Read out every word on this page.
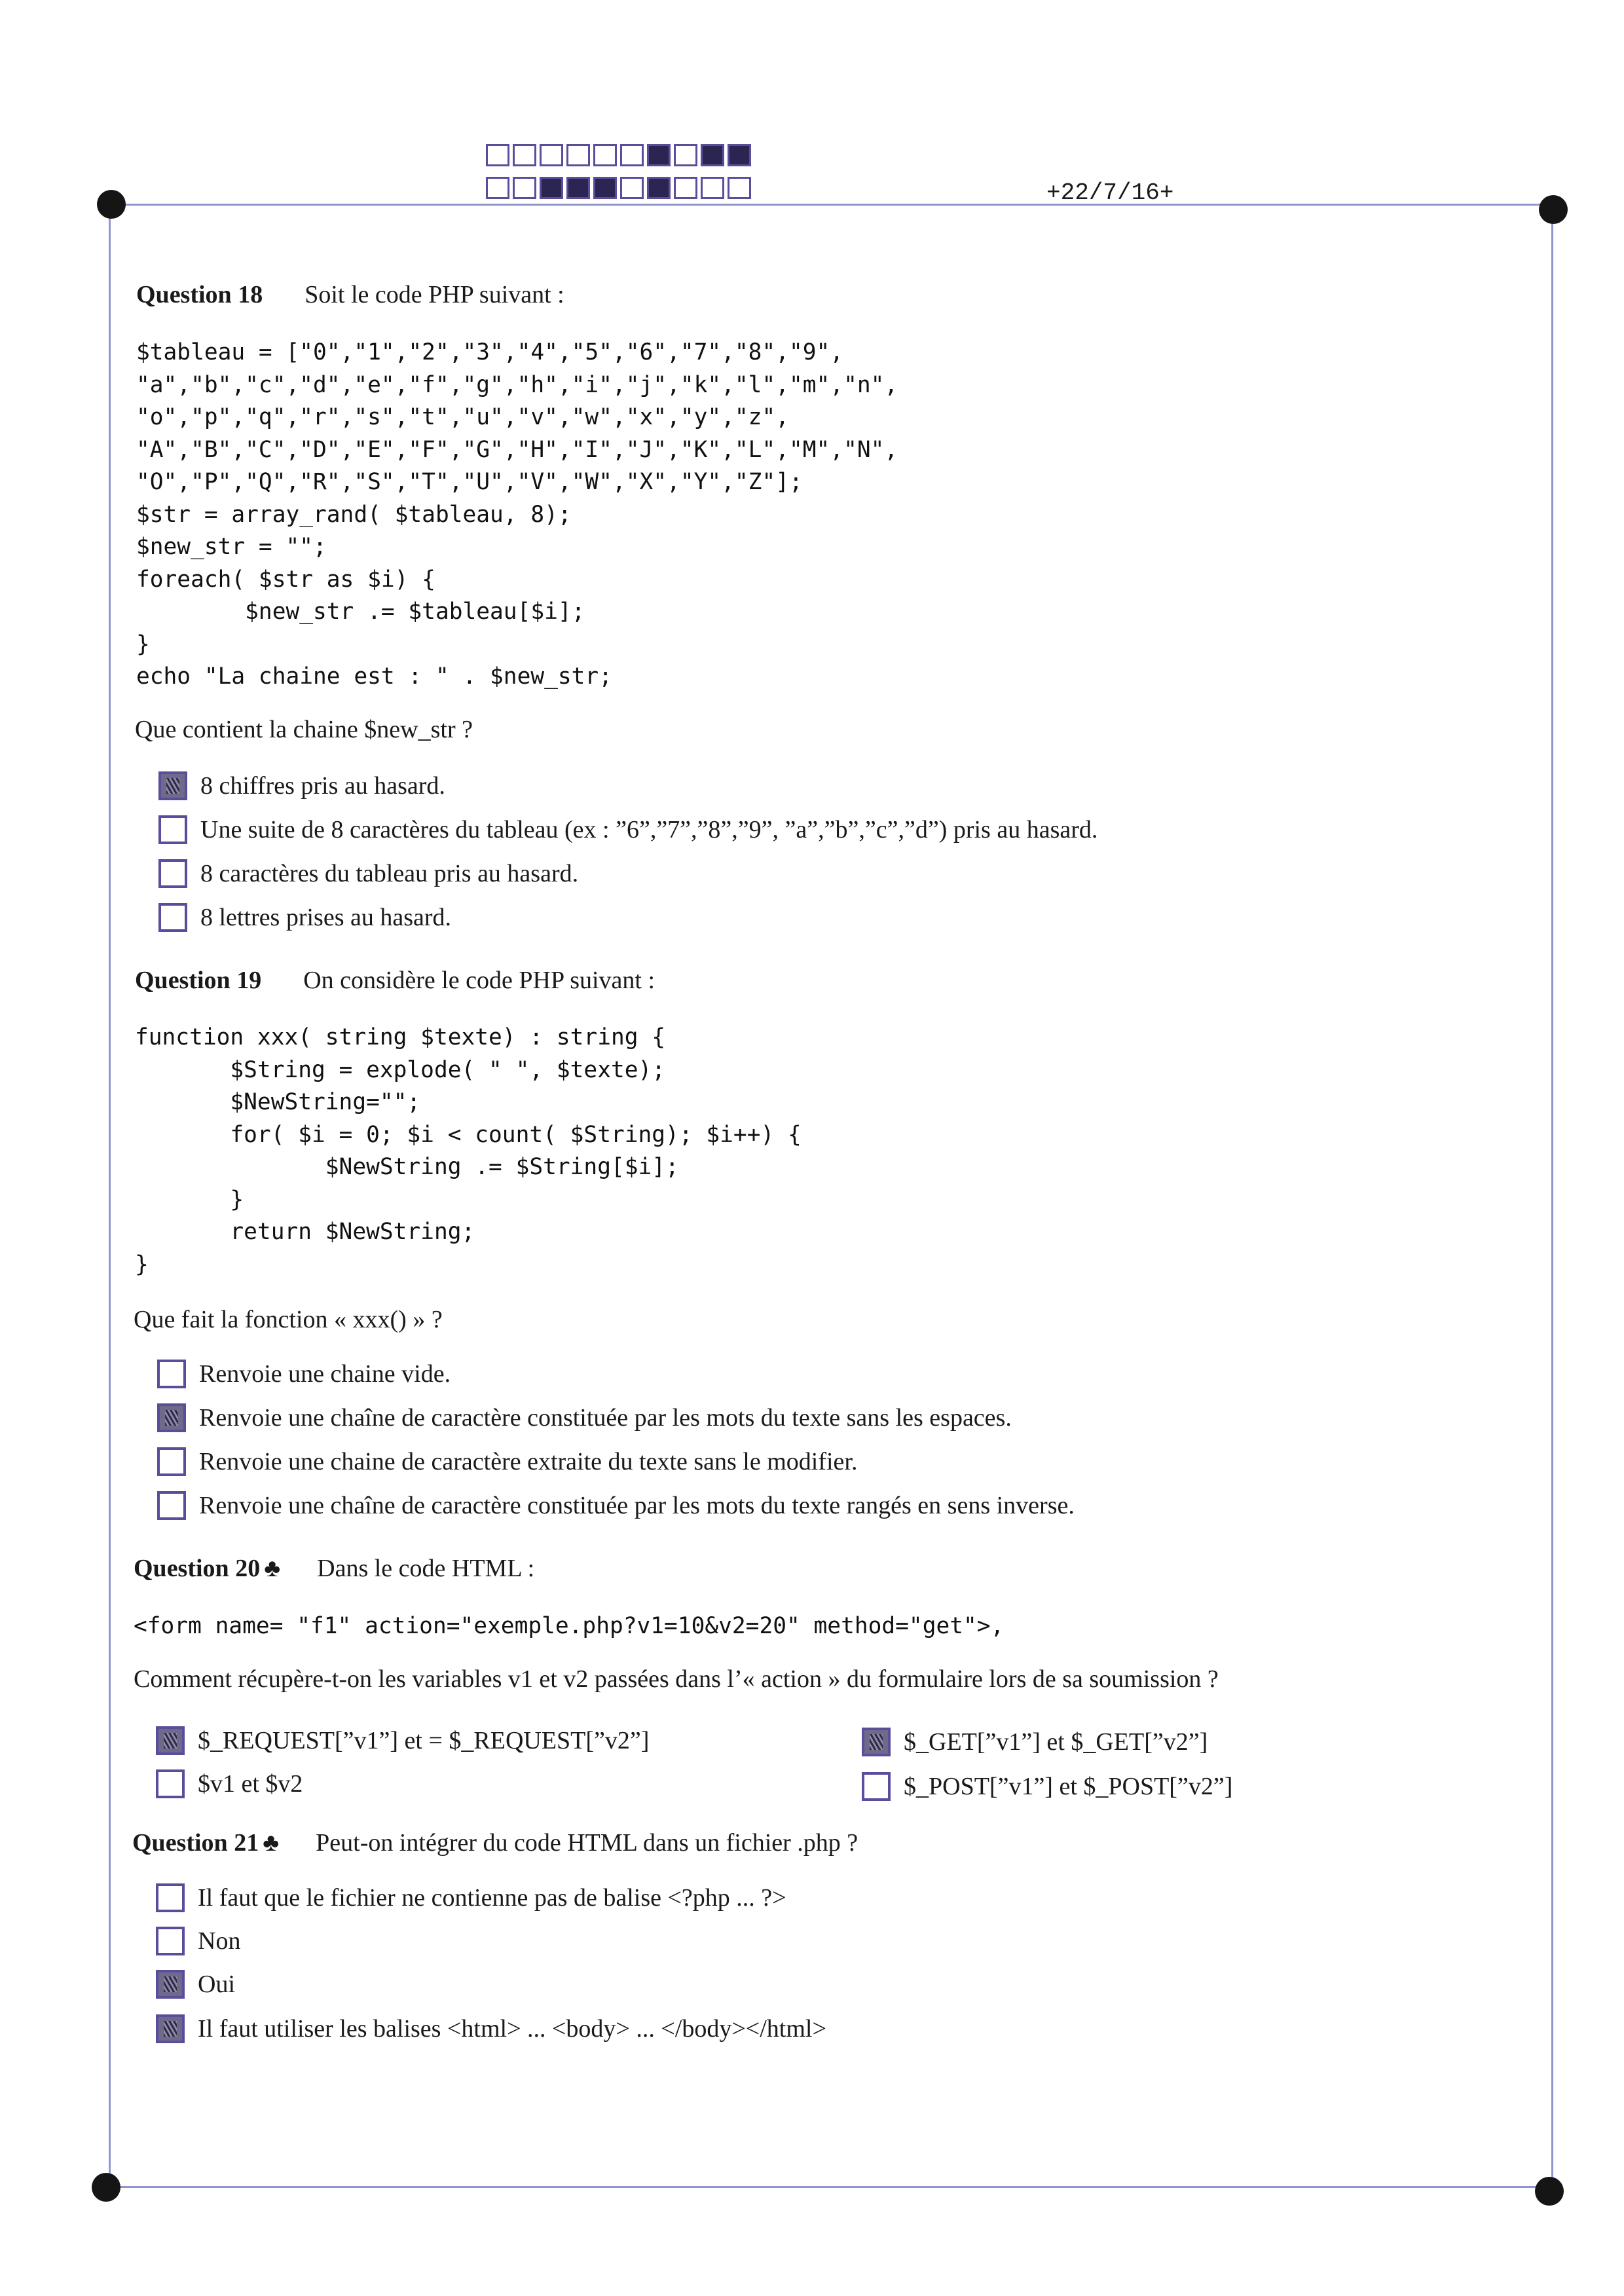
+22/7/16+
Question 18 Soit le code PHP suivant :
$tableau = ["0","1","2","3","4","5","6","7","8","9",
"a","b","c","d","e","f","g","h","i","j","k","l","m","n",
"o","p","q","r","s","t","u","v","w","x","y","z",
"A","B","C","D","E","F","G","H","I","J","K","L","M","N",
"O","P","Q","R","S","T","U","V","W","X","Y","Z"];
$str = array_rand( $tableau, 8);
$new_str = "";
foreach( $str as $i) {
$new_str .= $tableau[$i];
}
echo "La chaine est : " . $new_str;
Que contient la chaine $new_str ?
8 chiffres pris au hasard.
Une suite de 8 caractères du tableau (ex : ”6”,”7”,”8”,”9”, ”a”,”b”,”c”,”d”) pris au hasard.
8 caractères du tableau pris au hasard.
8 lettres prises au hasard.
Question 19 On considère le code PHP suivant :
function xxx( string $texte) : string {
$String = explode( " ", $texte);
$NewString="";
for( $i = 0; $i < count( $String); $i++) {
$NewString .= $String[$i];
}
return $NewString;
}
Que fait la fonction « xxx() » ?
Renvoie une chaine vide.
Renvoie une chaîne de caractère constituée par les mots du texte sans les espaces.
Renvoie une chaine de caractère extraite du texte sans le modifier.
Renvoie une chaîne de caractère constituée par les mots du texte rangés en sens inverse.
Question 20 ♣ Dans le code HTML :
<form name= "f1" action="exemple.php?v1=10&v2=20" method="get">,
Comment récupère-t-on les variables v1 et v2 passées dans l’« action » du formulaire lors de sa soumission ?
$_REQUEST[”v1”] et = $_REQUEST[”v2”]	$_GET[”v1”] et $_GET[”v2”]
$v1 et $v2	$_POST[”v1”] et $_POST[”v2”]
Question 21 ♣ Peut-on intégrer du code HTML dans un fichier .php ?
Il faut que le fichier ne contienne pas de balise <?php ... ?>
Non
Oui
Il faut utiliser les balises <html> ... <body> ... </body></html>
